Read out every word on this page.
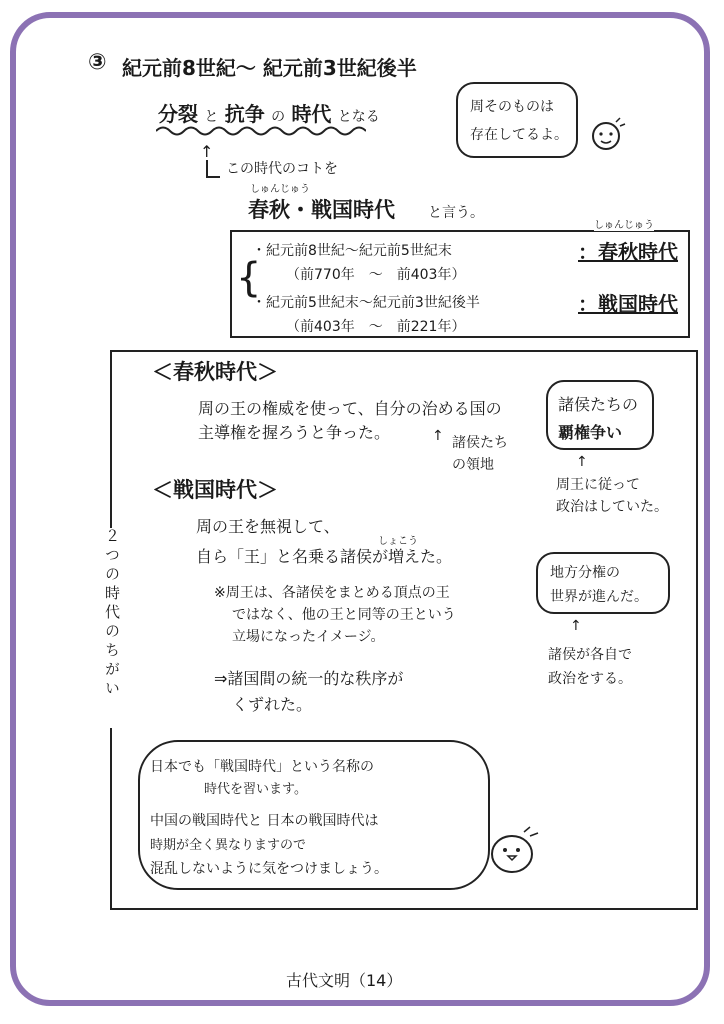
③ 紀元前8世紀～ 紀元前3世紀後半
分裂 と 抗争 の 時代 となる
↑
この時代のコトを
しゅんじゅう
春秋・戦国時代 と言う。
周そのものは
存在してるよ。
{
・紀元前8世紀～紀元前5世紀末
（前770年　～　前403年）
・紀元前5世紀末～紀元前3世紀後半
（前403年　～　前221年）
しゅんじゅう
：春秋時代
：戦国時代
２つの時代のちがい
＜春秋時代＞
周の王の権威を使って、自分の治める国の
主導権を握ろうと争った。	↑ 諸侯たち
の領地
諸侯たちの
覇権争い
↑
周王に従って
政治はしていた。
＜戦国時代＞
周の王を無視して、
しょこう
自ら「王」と名乗る諸侯が増えた。
※周王は、各諸侯をまとめる頂点の王
ではなく、他の王と同等の王という
立場になったイメージ。
⇒諸国間の統一的な秩序が
くずれた。
地方分権の
世界が進んだ。
↑
諸侯が各自で
政治をする。
日本でも「戦国時代」という名称の
時代を習います。
中国の戦国時代と 日本の戦国時代は
時期が全く異なりますので
混乱しないように気をつけましょう。
古代文明（14）
